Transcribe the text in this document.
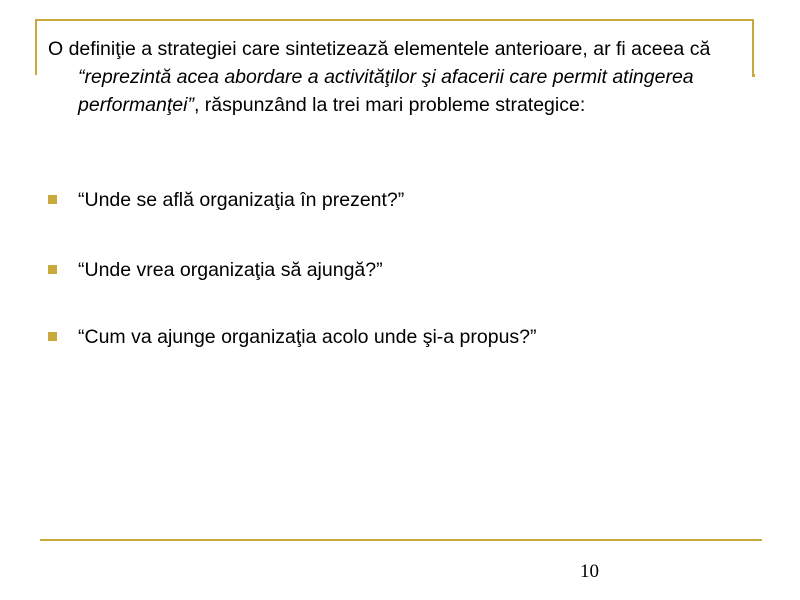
O definiţie a strategiei care sintetizează elementele anterioare, ar fi aceea că “reprezintă acea abordare a activităţilor şi afacerii care permit atingerea performanţei”, răspunzând la trei mari probleme strategice:

“Unde se află organizaţia în prezent?”
“Unde vrea organizaţia să ajungă?”
“Cum va ajunge organizaţia acolo unde şi-a propus?”
10
